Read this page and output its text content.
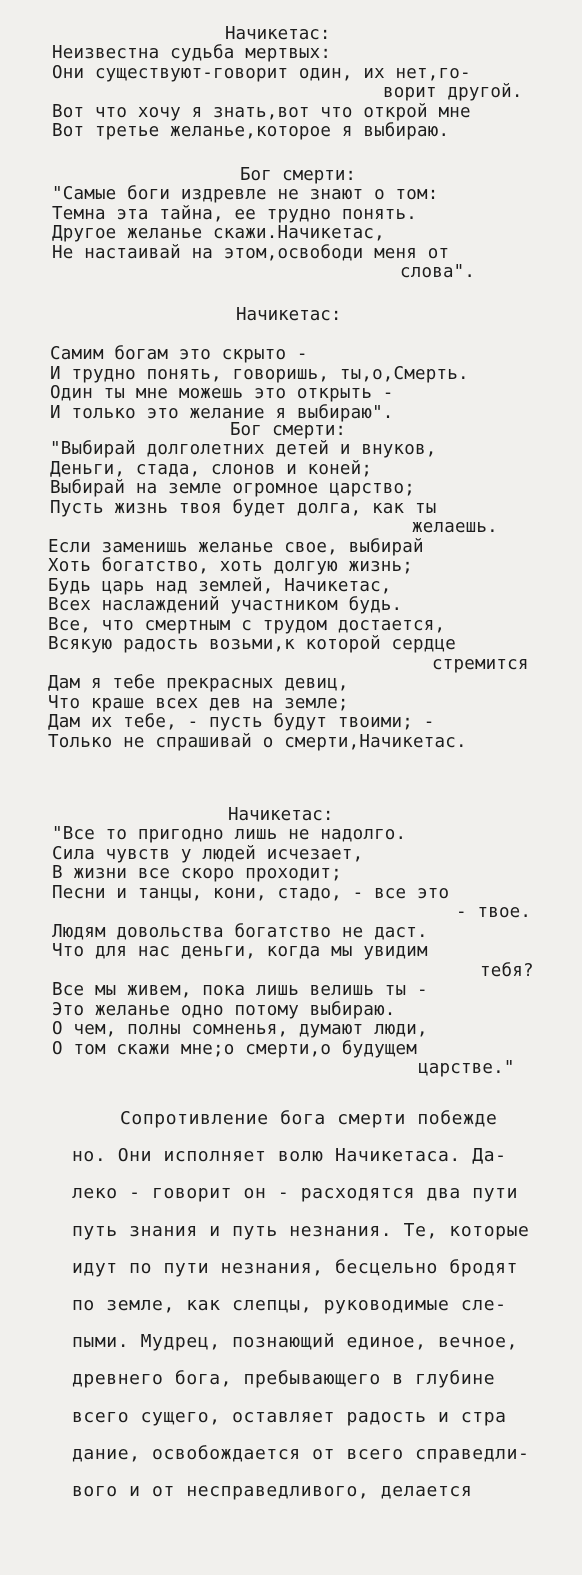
Начикетас:
Неизвестна судьба мертвых:
Они существуют-говорит один, их нет,го-
ворит другой.
Вот что хочу я знать,вот что открой мне
Вот третье желанье,которое я выбираю.
Бог смерти:
"Самые боги издревле не знают о том:
Темна эта тайна, ее трудно понять.
Другое желанье скажи.Начикетас,
Не настаивай на этом,освободи меня от
слова".
Начикетас:
Самим богам это скрыто -
И трудно понять, говоришь, ты,о,Смерть.
Один ты мне можешь это открыть -
И только это желание я выбираю".
Бог смерти:
"Выбирай долголетних детей и внуков,
Деньги, стада, слонов и коней;
Выбирай на земле огромное царство;
Пусть жизнь твоя будет долга, как ты
желаешь.
Если заменишь желанье свое, выбирай
Хоть богатство, хоть долгую жизнь;
Будь царь над землей, Начикетас,
Всех наслаждений участником будь.
Все, что смертным с трудом достается,
Всякую радость возьми,к которой сердце
стремится
Дам я тебе прекрасных девиц,
Что краше всех дев на земле;
Дам их тебе, - пусть будут твоими; -
Только не спрашивай о смерти,Начикетас.
Начикетас:
"Все то пригодно лишь не надолго.
Сила чувств у людей исчезает,
В жизни все скоро проходит;
Песни и танцы, кони, стадо, - все это
- твое.
Людям довольства богатство не даст.
Что для нас деньги, когда мы увидим
тебя?
Все мы живем, пока лишь велишь ты -
Это желанье одно потому выбираю.
О чем, полны сомненья, думают люди,
О том скажи мне;о смерти,о будущем
царстве."
Сопротивление бога смерти побежде
но. Они исполняет волю Начикетаса. Да-
леко - говорит он - расходятся два пути
путь знания и путь незнания. Те, которые
идут по пути незнания, бесцельно бродят
по земле, как слепцы, руководимые сле-
пыми. Мудрец, познающий единое, вечное,
древнего бога, пребывающего в глубине
всего сущего, оставляет радость и стра
дание, освобождается от всего справедли-
вого и от несправедливого, делается
